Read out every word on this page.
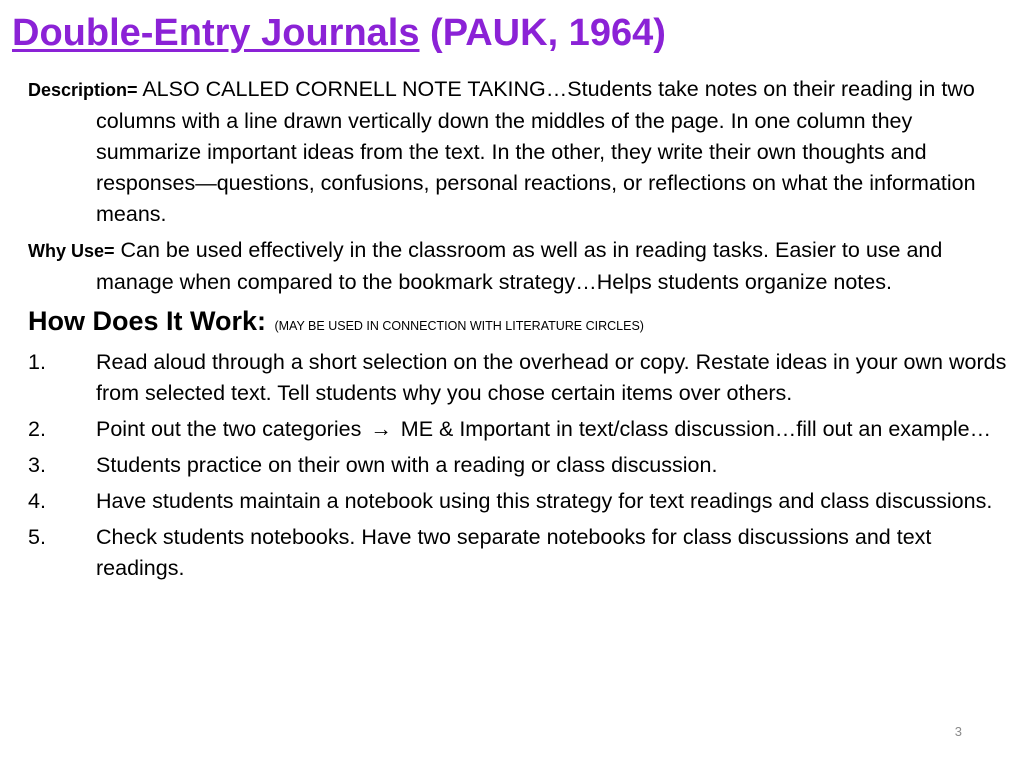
Double-Entry Journals (PAUK, 1964)

Description= ALSO CALLED CORNELL NOTE TAKING…Students take notes on their reading in two columns with a line drawn vertically down the middles of the page. In one column they summarize important ideas from the text. In the other, they write their own thoughts and responses—questions, confusions, personal reactions, or reflections on what the information means.

Why Use= Can be used effectively in the classroom as well as in reading tasks. Easier to use and manage when compared to the bookmark strategy…Helps students organize notes.

How Does It Work: (MAY BE USED IN CONNECTION WITH LITERATURE CIRCLES)
1.	Read aloud through a short selection on the overhead or copy. Restate ideas in your own words from selected text. Tell students why you chose certain items over others.
2.	Point out the two categories → ME & Important in text/class discussion…fill out an example…
3.	Students practice on their own with a reading or class discussion.
4.	Have students maintain a notebook using this strategy for text readings and class discussions.
5.	Check students notebooks. Have two separate notebooks for class discussions and text readings.
3
